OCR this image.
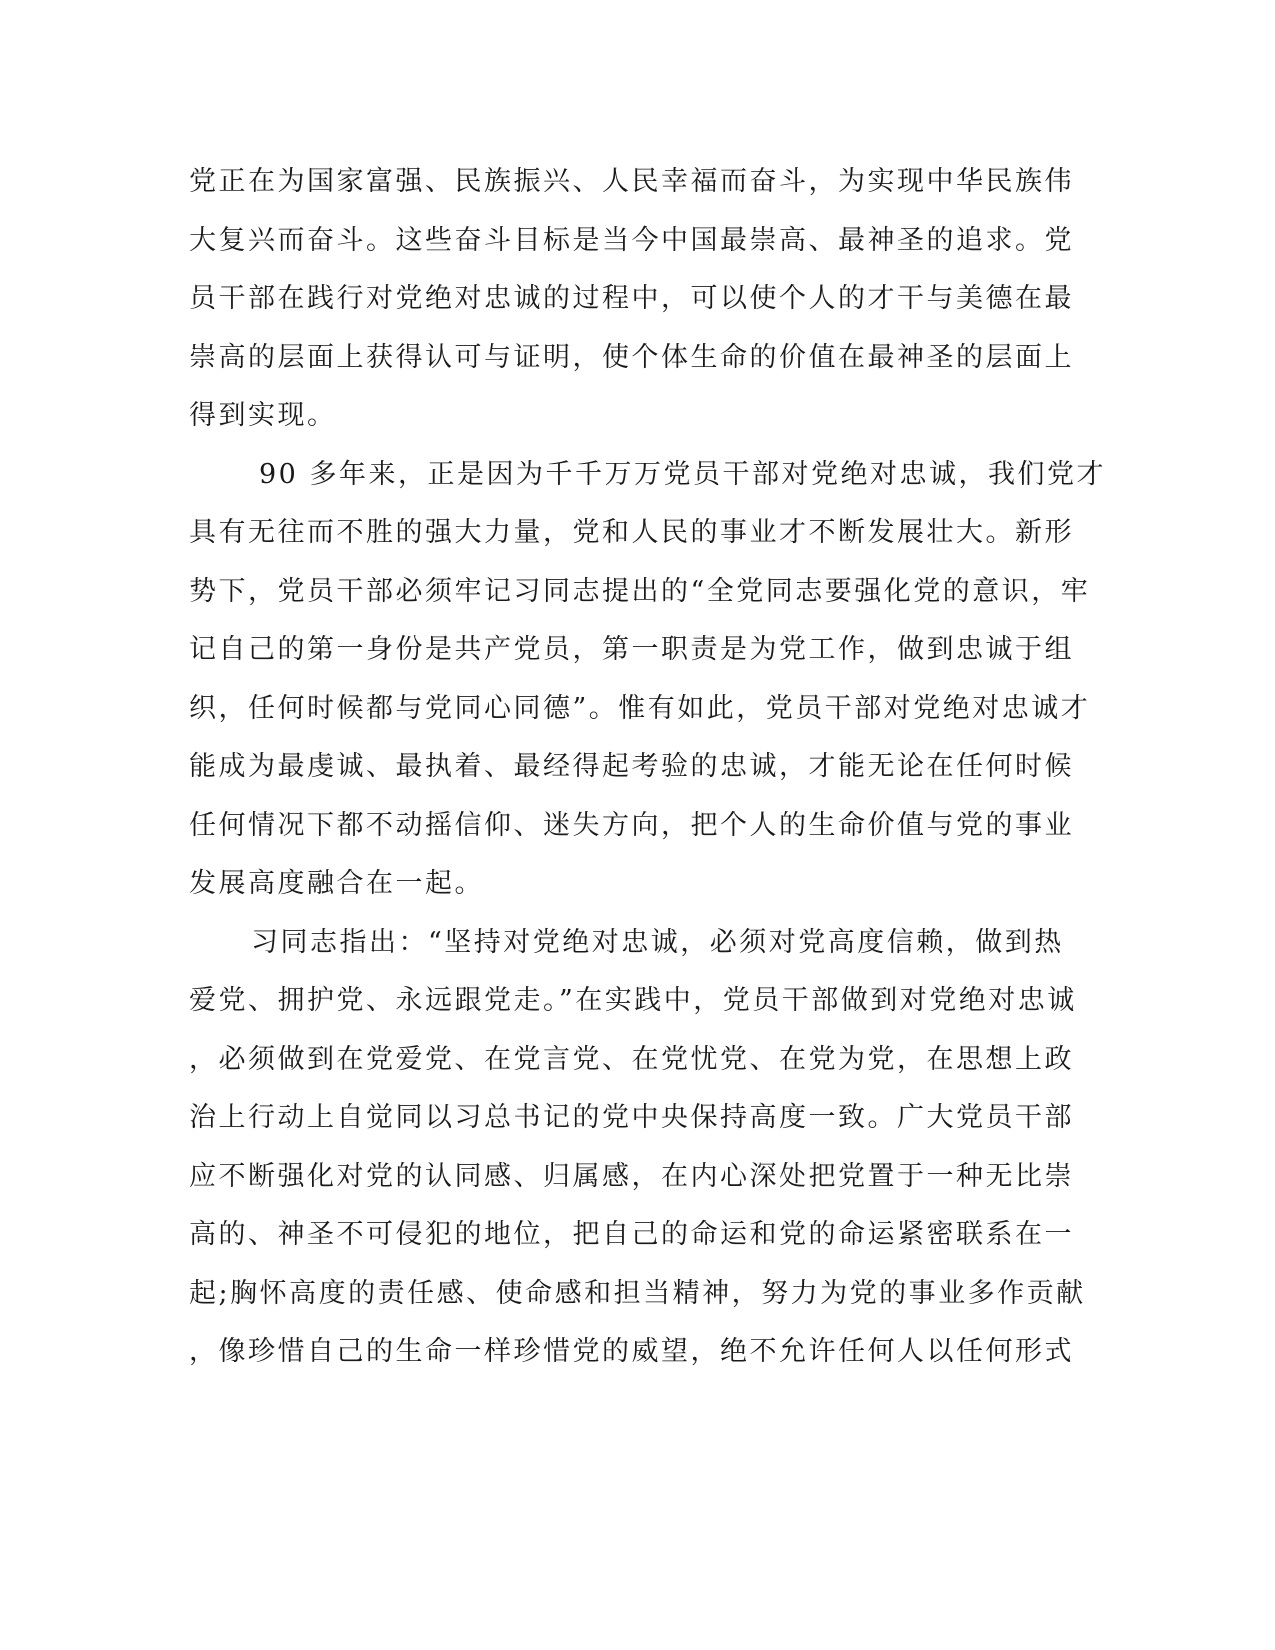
党正在为国家富强、民族振兴、人民幸福而奋斗，为实现中华民族伟
大复兴而奋斗。这些奋斗目标是当今中国最崇高、最神圣的追求。党
员干部在践行对党绝对忠诚的过程中，可以使个人的才干与美德在最
崇高的层面上获得认可与证明，使个体生命的价值在最神圣的层面上
得到实现。
90 多年来，正是因为千千万万党员干部对党绝对忠诚，我们党才
具有无往而不胜的强大力量，党和人民的事业才不断发展壮大。新形
势下，党员干部必须牢记习同志提出的“全党同志要强化党的意识，牢
记自己的第一身份是共产党员，第一职责是为党工作，做到忠诚于组
织，任何时候都与党同心同德”。惟有如此，党员干部对党绝对忠诚才
能成为最虔诚、最执着、最经得起考验的忠诚，才能无论在任何时候
任何情况下都不动摇信仰、迷失方向，把个人的生命价值与党的事业
发展高度融合在一起。
习同志指出：“坚持对党绝对忠诚，必须对党高度信赖，做到热
爱党、拥护党、永远跟党走。”在实践中，党员干部做到对党绝对忠诚
，必须做到在党爱党、在党言党、在党忧党、在党为党，在思想上政
治上行动上自觉同以习总书记的党中央保持高度一致。广大党员干部
应不断强化对党的认同感、归属感，在内心深处把党置于一种无比崇
高的、神圣不可侵犯的地位，把自己的命运和党的命运紧密联系在一
起;胸怀高度的责任感、使命感和担当精神，努力为党的事业多作贡献
，像珍惜自己的生命一样珍惜党的威望，绝不允许任何人以任何形式
